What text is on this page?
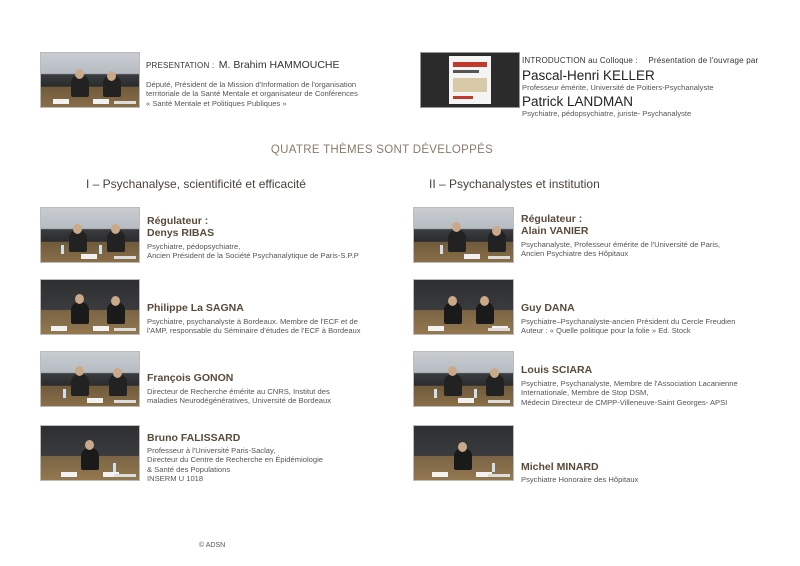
PRESENTATION : M. Brahim HAMMOUCHE
Député, Président de la Mission d'Information de l'organisation
territoriale de la Santé Mentale et organisateur de Conférences
« Santé Mentale et Politiques Publiques »
INTRODUCTION au Colloque : Présentation de l'ouvrage par
Pascal-Henri KELLER
Professeur émérite, Université de Poitiers-Psychanalyste
Patrick LANDMAN
Psychiatre, pédopsychiatre, juriste- Psychanalyste
QUATRE THÈMES SONT DÉVELOPPÉS
I – Psychanalyse, scientificité et efficacité	II – Psychanalystes et institution
Régulateur :
Denys RIBAS
Psychiatre, pédopsychiatre,
Ancien Président de la Société Psychanalytique de Paris-S.P.P
Philippe La SAGNA
Psychiatre, psychanalyste à Bordeaux. Membre de l'ECF et de
l'AMP, responsable du Séminaire d'études de l'ECF à Bordeaux
François GONON
Directeur de Recherche émérite au CNRS, Institut des
maladies Neurodégénératives, Université de Bordeaux
Bruno FALISSARD
Professeur à l'Université Paris-Saclay,
Directeur du Centre de Recherche en Épidémiologie
& Santé des Populations
INSERM U 1018
Régulateur :
Alain VANIER
Psychanalyste, Professeur émérite de l'Université de Paris,
Ancien Psychiatre des Hôpitaux
Guy DANA
Psychiatre–Psychanalyste-ancien Président du Cercle Freudien
Auteur : « Quelle politique pour la folie » Ed. Stock
Louis SCIARA
Psychiatre, Psychanalyste, Membre de l'Association Lacanienne
Internationale, Membre de Stop DSM,
Médecin Directeur de CMPP-Villeneuve-Saint Georges- APSI
Michel MINARD
Psychiatre Honoraire des Hôpitaux
© ADSN
